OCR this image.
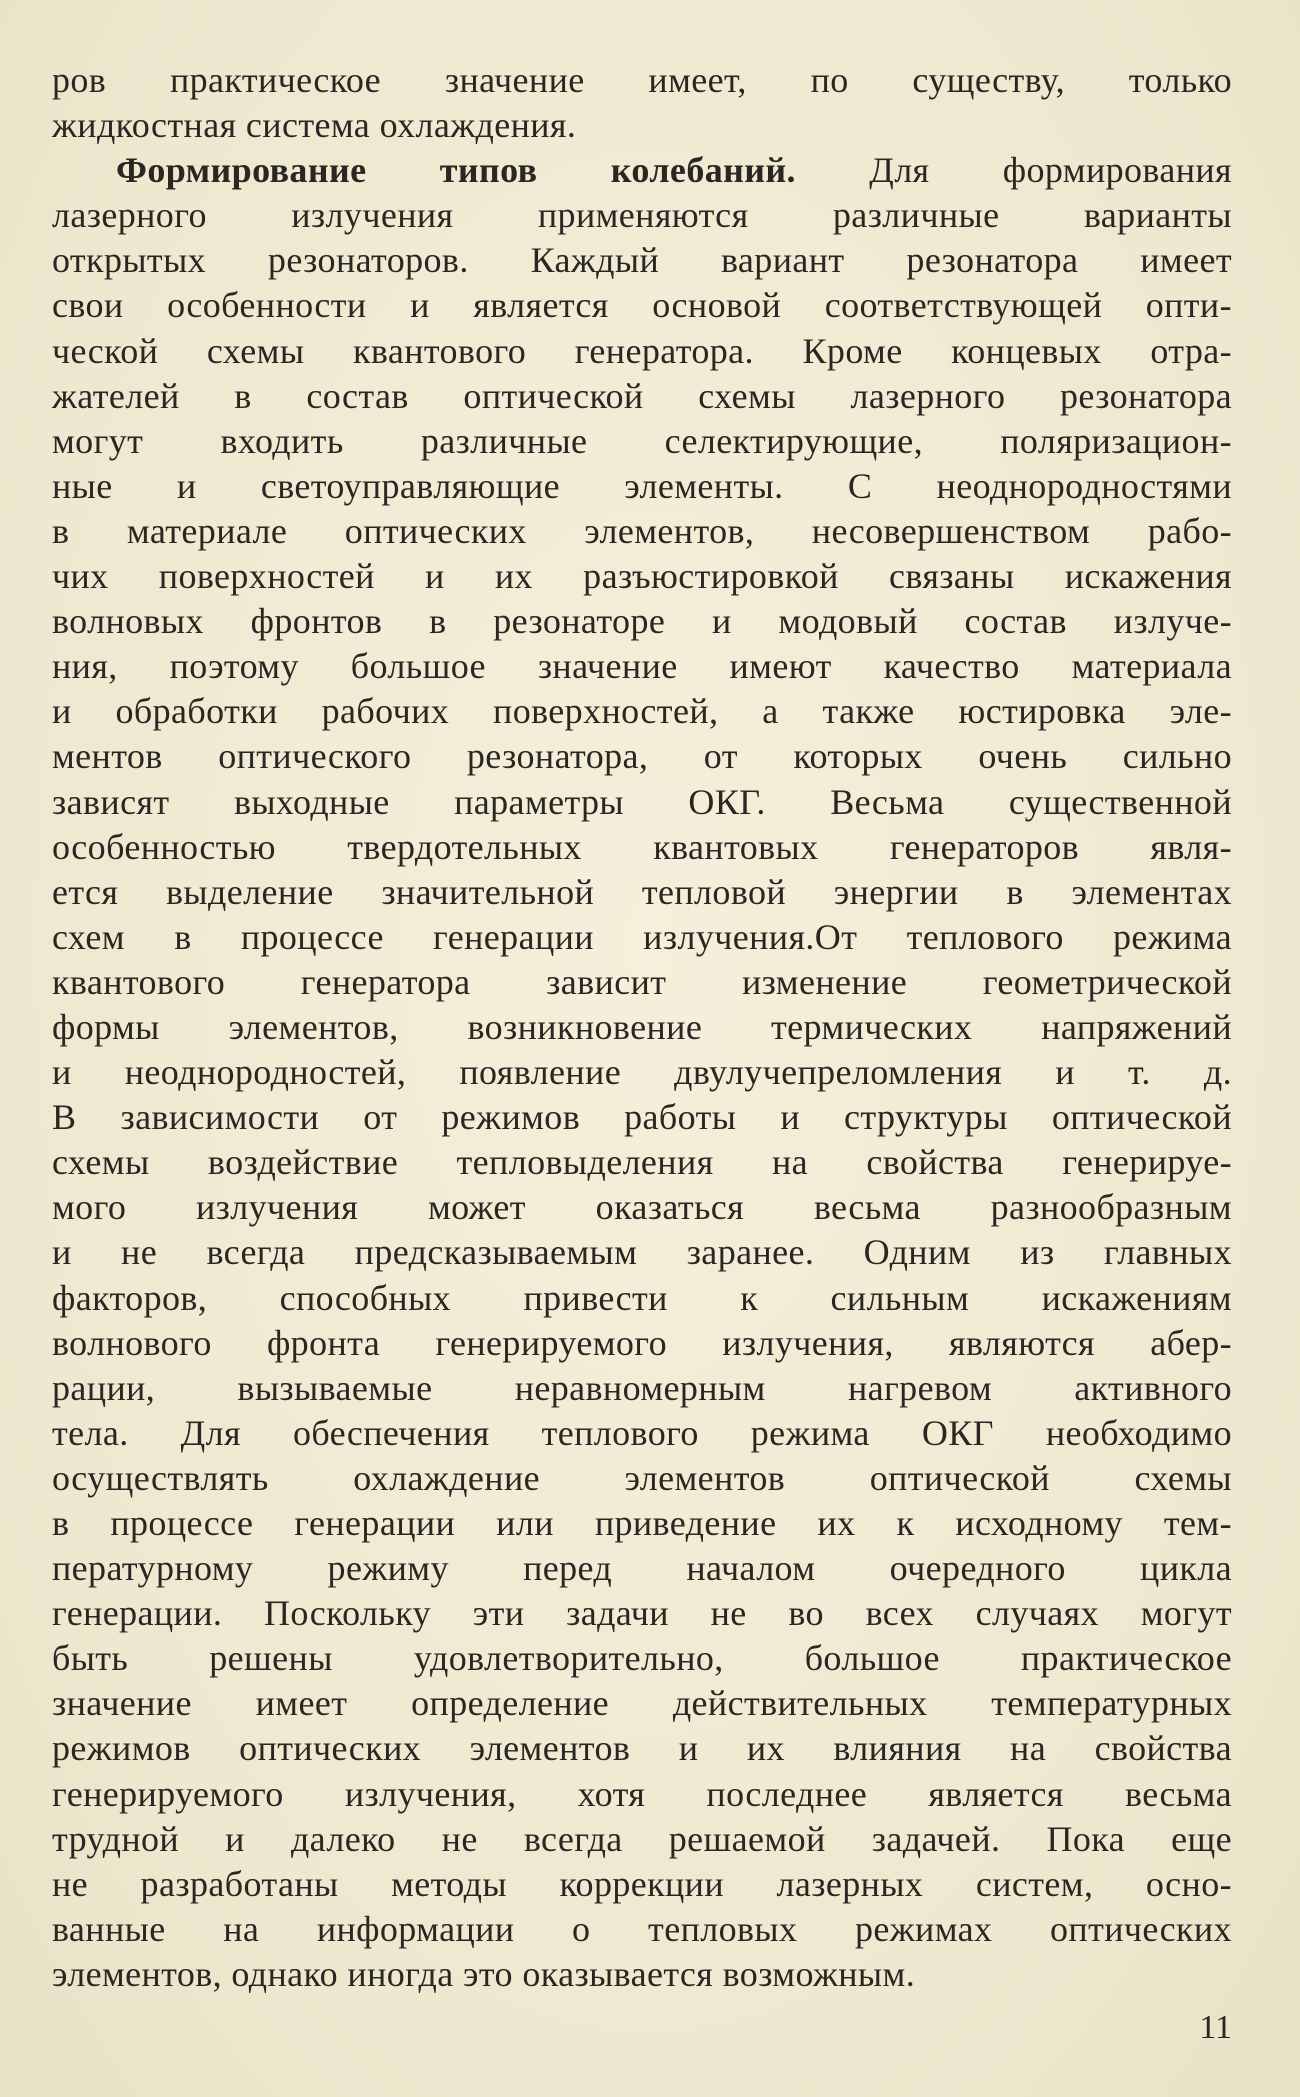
ров практическое значение имеет, по существу, только
жидкостная система охлаждения.
Формирование типов колебаний. Для формирования
лазерного излучения применяются различные варианты
открытых резонаторов. Каждый вариант резонатора имеет
свои особенности и является основой соответствующей опти-
ческой схемы квантового генератора. Кроме концевых отра-
жателей в состав оптической схемы лазерного резонатора
могут входить различные селектирующие, поляризацион-
ные и светоуправляющие элементы. С неоднородностями
в материале оптических элементов, несовершенством рабо-
чих поверхностей и их разъюстировкой связаны искажения
волновых фронтов в резонаторе и модовый состав излуче-
ния, поэтому большое значение имеют качество материала
и обработки рабочих поверхностей, а также юстировка эле-
ментов оптического резонатора, от которых очень сильно
зависят выходные параметры ОКГ. Весьма существенной
особенностью твердотельных квантовых генераторов явля-
ется выделение значительной тепловой энергии в элементах
схем в процессе генерации излучения.От теплового режима
квантового генератора зависит изменение геометрической
формы элементов, возникновение термических напряжений
и неоднородностей, появление двулучепреломления и т. д.
В зависимости от режимов работы и структуры оптической
схемы воздействие тепловыделения на свойства генерируе-
мого излучения может оказаться весьма разнообразным
и не всегда предсказываемым заранее. Одним из главных
факторов, способных привести к сильным искажениям
волнового фронта генерируемого излучения, являются абер-
рации, вызываемые неравномерным нагревом активного
тела. Для обеспечения теплового режима ОКГ необходимо
осуществлять охлаждение элементов оптической схемы
в процессе генерации или приведение их к исходному тем-
пературному режиму перед началом очередного цикла
генерации. Поскольку эти задачи не во всех случаях могут
быть решены удовлетворительно, большое практическое
значение имеет определение действительных температурных
режимов оптических элементов и их влияния на свойства
генерируемого излучения, хотя последнее является весьма
трудной и далеко не всегда решаемой задачей. Пока еще
не разработаны методы коррекции лазерных систем, осно-
ванные на информации о тепловых режимах оптических
элементов, однако иногда это оказывается возможным.
11
